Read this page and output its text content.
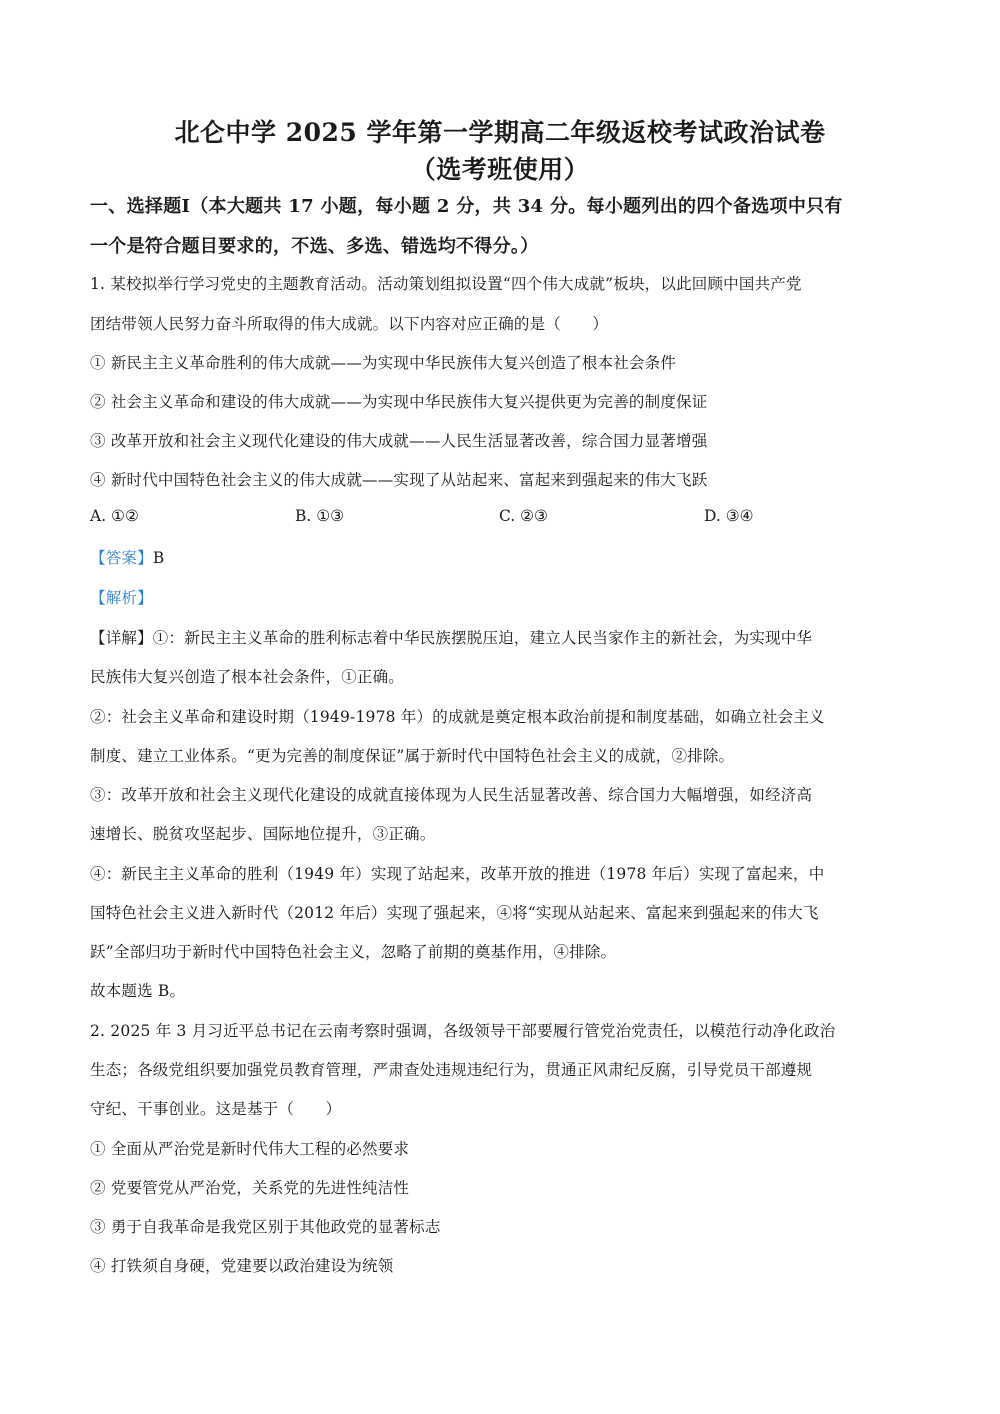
北仑中学 2025 学年第一学期高二年级返校考试政治试卷
（选考班使用）
一、选择题Ⅰ（本大题共 17 小题，每小题 2 分，共 34 分。每小题列出的四个备选项中只有
一个是符合题目要求的，不选、多选、错选均不得分。）
1. 某校拟举行学习党史的主题教育活动。活动策划组拟设置“四个伟大成就”板块，以此回顾中国共产党
团结带领人民努力奋斗所取得的伟大成就。以下内容对应正确的是（　　）
① 新民主主义革命胜利的伟大成就——为实现中华民族伟大复兴创造了根本社会条件
② 社会主义革命和建设的伟大成就——为实现中华民族伟大复兴提供更为完善的制度保证
③ 改革开放和社会主义现代化建设的伟大成就——人民生活显著改善，综合国力显著增强
④ 新时代中国特色社会主义的伟大成就——实现了从站起来、富起来到强起来的伟大飞跃
A. ①②	B. ①③	C. ②③	D. ③④
【答案】B
【解析】
【详解】①：新民主主义革命的胜利标志着中华民族摆脱压迫，建立人民当家作主的新社会，为实现中华
民族伟大复兴创造了根本社会条件，①正确。
②：社会主义革命和建设时期（1949-1978 年）的成就是奠定根本政治前提和制度基础，如确立社会主义
制度、建立工业体系。“更为完善的制度保证”属于新时代中国特色社会主义的成就，②排除。
③：改革开放和社会主义现代化建设的成就直接体现为人民生活显著改善、综合国力大幅增强，如经济高
速增长、脱贫攻坚起步、国际地位提升，③正确。
④：新民主主义革命的胜利（1949 年）实现了站起来，改革开放的推进（1978 年后）实现了富起来，中
国特色社会主义进入新时代（2012 年后）实现了强起来，④将“实现从站起来、富起来到强起来的伟大飞
跃”全部归功于新时代中国特色社会主义，忽略了前期的奠基作用，④排除。
故本题选 B。
2. 2025 年 3 月习近平总书记在云南考察时强调，各级领导干部要履行管党治党责任，以模范行动净化政治
生态；各级党组织要加强党员教育管理，严肃查处违规违纪行为，贯通正风肃纪反腐，引导党员干部遵规
守纪、干事创业。这是基于（　　）
① 全面从严治党是新时代伟大工程的必然要求
② 党要管党从严治党，关系党的先进性纯洁性
③ 勇于自我革命是我党区别于其他政党的显著标志
④ 打铁须自身硬，党建要以政治建设为统领
